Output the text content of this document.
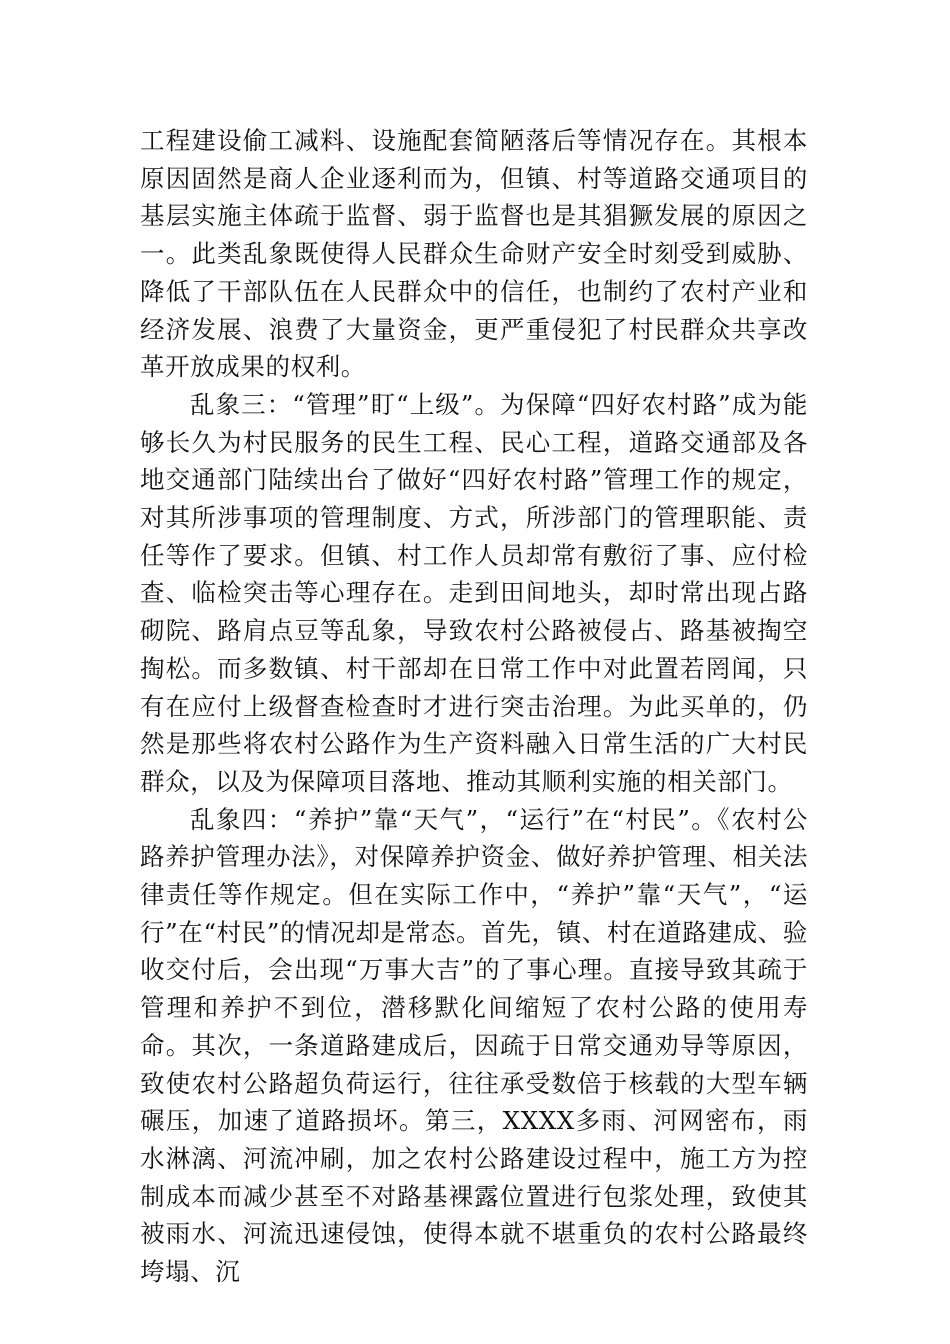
工程建设偷工减料、设施配套简陋落后等情况存在。其根本原因固然是商人企业逐利而为，但镇、村等道路交通项目的基层实施主体疏于监督、弱于监督也是其猖獗发展的原因之一。此类乱象既使得人民群众生命财产安全时刻受到威胁、降低了干部队伍在人民群众中的信任，也制约了农村产业和经济发展、浪费了大量资金，更严重侵犯了村民群众共享改革开放成果的权利。

乱象三：“管理”盯“上级”。为保障“四好农村路”成为能够长久为村民服务的民生工程、民心工程，道路交通部及各地交通部门陆续出台了做好“四好农村路”管理工作的规定，对其所涉事项的管理制度、方式，所涉部门的管理职能、责任等作了要求。但镇、村工作人员却常有敷衍了事、应付检查、临检突击等心理存在。走到田间地头，却时常出现占路砌院、路肩点豆等乱象，导致农村公路被侵占、路基被掏空掏松。而多数镇、村干部却在日常工作中对此置若罔闻，只有在应付上级督查检查时才进行突击治理。为此买单的，仍然是那些将农村公路作为生产资料融入日常生活的广大村民群众，以及为保障项目落地、推动其顺利实施的相关部门。

乱象四：“养护”靠“天气”，“运行”在“村民”。《农村公路养护管理办法》，对保障养护资金、做好养护管理、相关法律责任等作规定。但在实际工作中，“养护”靠“天气”，“运行”在“村民”的情况却是常态。首先，镇、村在道路建成、验收交付后，会出现“万事大吉”的了事心理。直接导致其疏于管理和养护不到位，潜移默化间缩短了农村公路的使用寿命。其次，一条道路建成后，因疏于日常交通劝导等原因，致使农村公路超负荷运行，往往承受数倍于核载的大型车辆碾压，加速了道路损坏。第三，XXXX多雨、河网密布，雨水淋漓、河流冲刷，加之农村公路建设过程中，施工方为控制成本而减少甚至不对路基裸露位置进行包浆处理，致使其被雨水、河流迅速侵蚀，使得本就不堪重负的农村公路最终垮塌、沉
